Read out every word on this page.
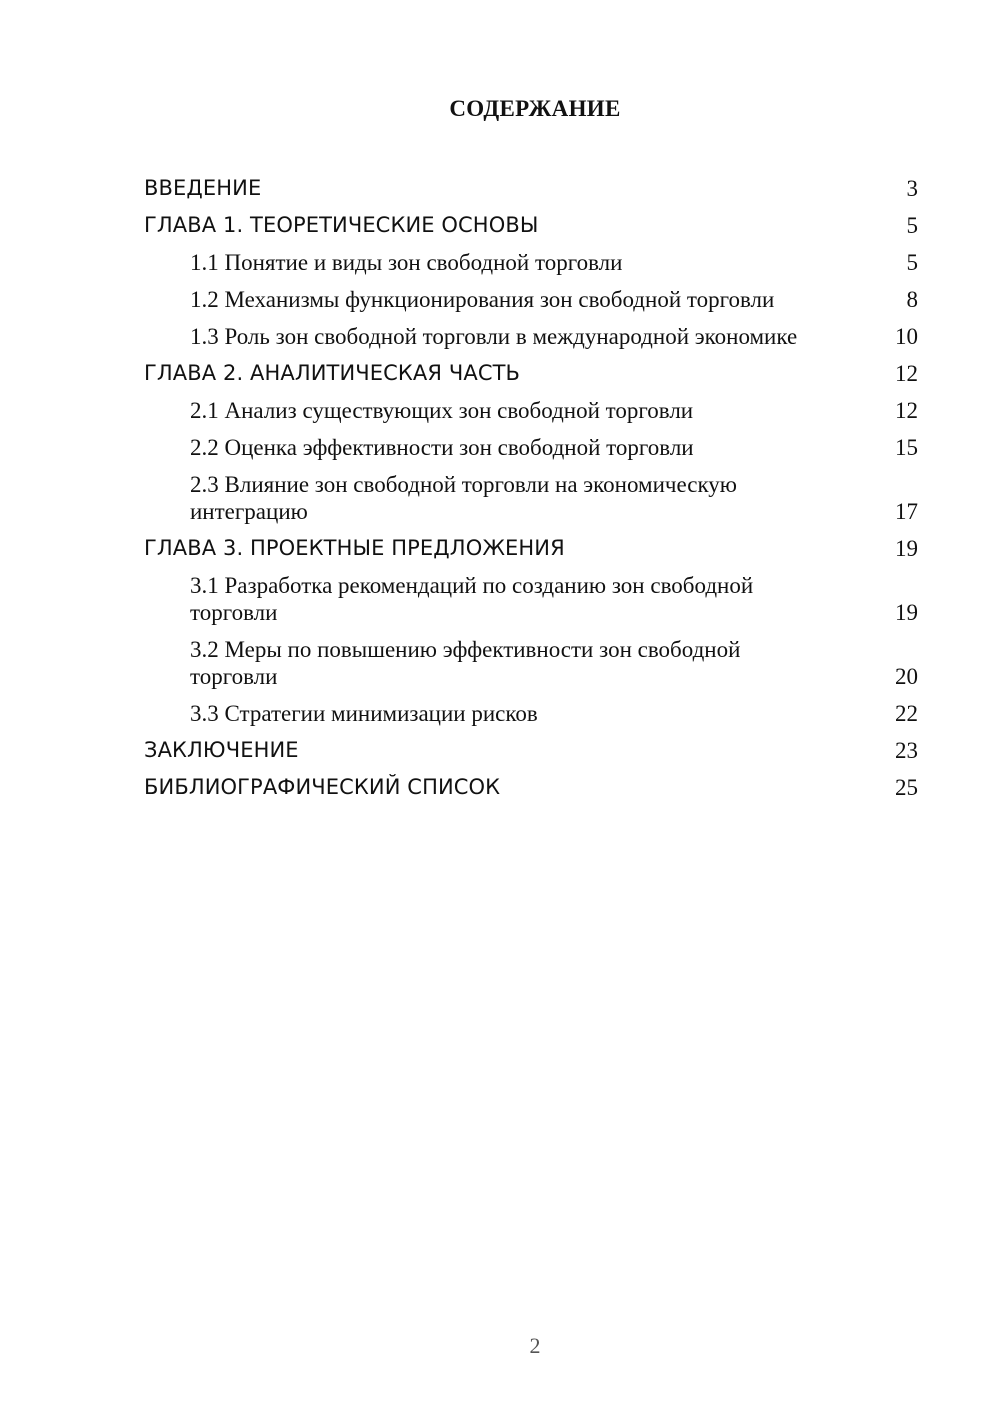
СОДЕРЖАНИЕ
ВВЕДЕНИЕ	3
ГЛАВА 1. ТЕОРЕТИЧЕСКИЕ ОСНОВЫ	5
1.1 Понятие и виды зон свободной торговли	5
1.2 Механизмы функционирования зон свободной торговли	8
1.3 Роль зон свободной торговли в международной экономике	10
ГЛАВА 2. АНАЛИТИЧЕСКАЯ ЧАСТЬ	12
2.1 Анализ существующих зон свободной торговли	12
2.2 Оценка эффективности зон свободной торговли	15
2.3 Влияние зон свободной торговли на экономическую интеграцию	17
ГЛАВА 3. ПРОЕКТНЫЕ ПРЕДЛОЖЕНИЯ	19
3.1 Разработка рекомендаций по созданию зон свободной торговли	19
3.2 Меры по повышению эффективности зон свободной торговли	20
3.3 Стратегии минимизации рисков	22
ЗАКЛЮЧЕНИЕ	23
БИБЛИОГРАФИЧЕСКИЙ СПИСОК	25
2
